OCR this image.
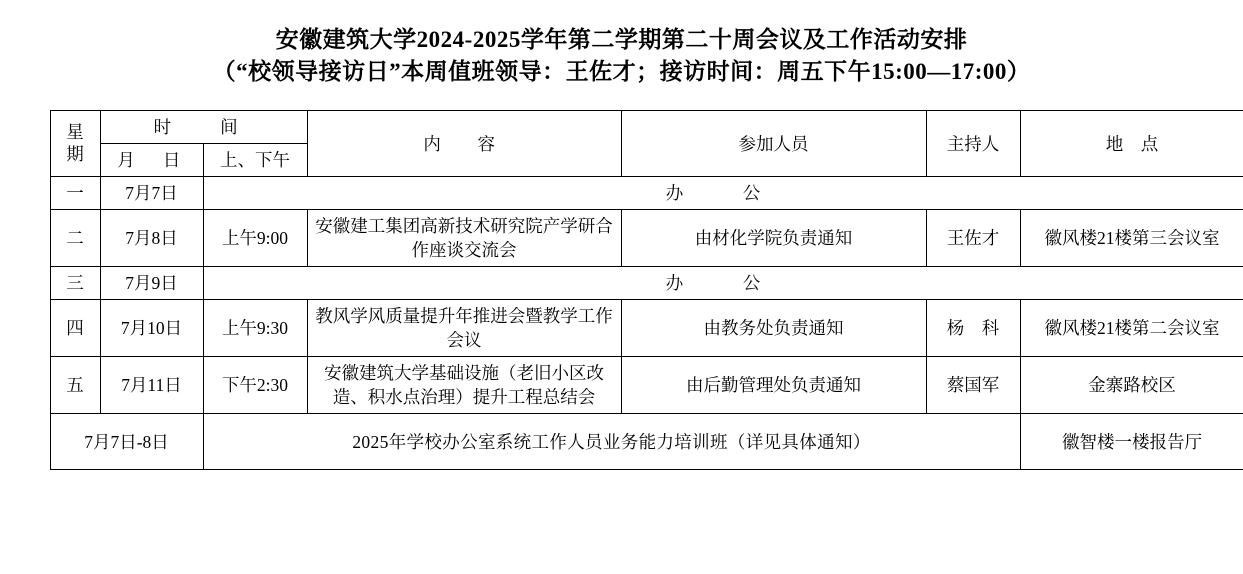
安徽建筑大学2024-2025学年第二学期第二十周会议及工作活动安排
（“校领导接访日”本周值班领导：王佐才；接访时间：周五下午15:00—17:00）
星期	时　间		内　容	参加人员	主持人	地　点
	月　日	上、下午				
一	7月7日	办　公				
二	7月8日	上午9:00	安徽建工集团高新技术研究院产学研合作座谈交流会	由材化学院负责通知	王佐才	徽风楼21楼第三会议室
三	7月9日	办　公				
四	7月10日	上午9:30	教风学风质量提升年推进会暨教学工作会议	由教务处负责通知	杨　科	徽风楼21楼第二会议室
五	7月11日	下午2:30	安徽建筑大学基础设施（老旧小区改造、积水点治理）提升工程总结会	由后勤管理处负责通知	蔡国军	金寨路校区
7月7日-8日		2025年学校办公室系统工作人员业务能力培训班（详见具体通知）				徽智楼一楼报告厅
